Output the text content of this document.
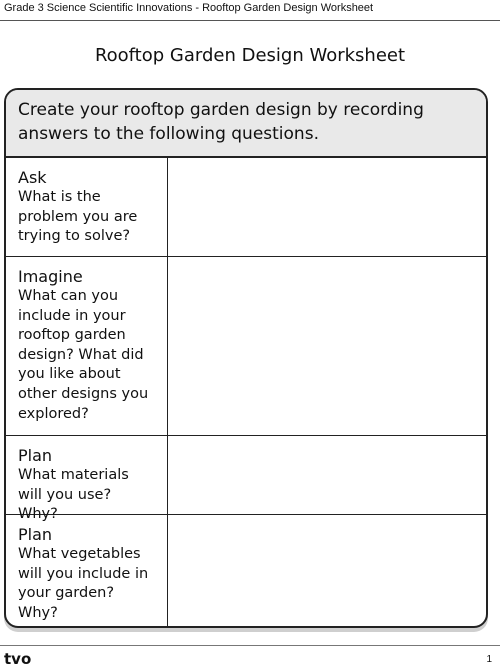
Grade 3 Science Scientific Innovations - Rooftop Garden Design Worksheet
Rooftop Garden Design Worksheet
Create your rooftop garden design by recording answers to the following questions.
Ask
What is the problem you are trying to solve?
Imagine
What can you include in your rooftop garden design? What did you like about other designs you explored?
Plan
What materials will you use? Why?
Plan
What vegetables will you include in your garden? Why?
tvo	1
